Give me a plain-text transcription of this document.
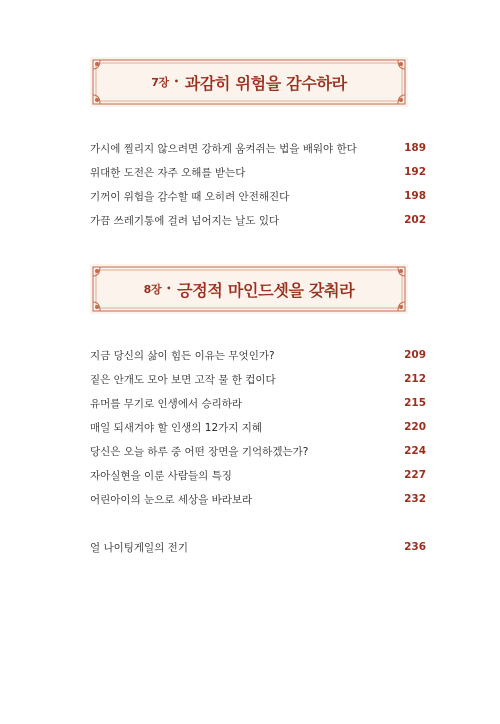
7장 • 과감히 위험을 감수하라
가시에 찔리지 않으려면 강하게 움켜쥐는 법을 배워야 한다	189
위대한 도전은 자주 오해를 받는다	192
기꺼이 위험을 감수할 때 오히려 안전해진다	198
가끔 쓰레기통에 걸려 넘어지는 날도 있다	202
8장 • 긍정적 마인드셋을 갖춰라
지금 당신의 삶이 힘든 이유는 무엇인가?	209
짙은 안개도 모아 보면 고작 물 한 컵이다	212
유머를 무기로 인생에서 승리하라	215
매일 되새겨야 할 인생의 12가지 지혜	220
당신은 오늘 하루 중 어떤 장면을 기억하겠는가?	224
자아실현을 이룬 사람들의 특징	227
어린아이의 눈으로 세상을 바라보라	232
얼 나이팅게일의 전기	236
